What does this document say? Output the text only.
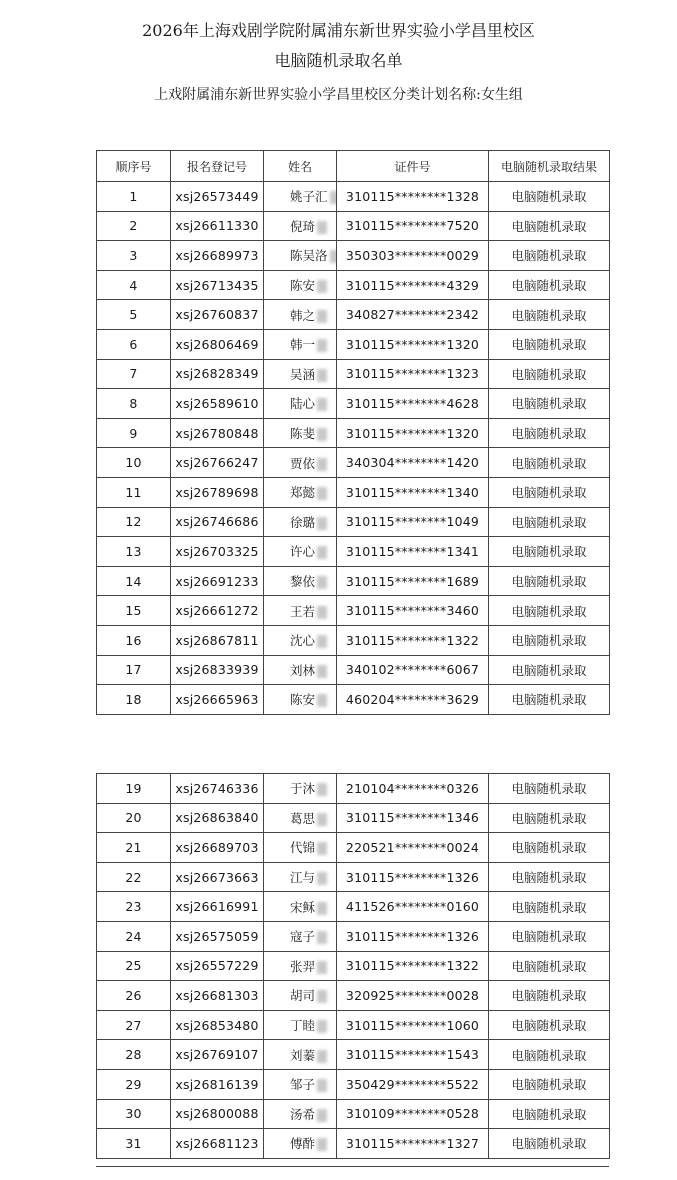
2026年上海戏剧学院附属浦东新世界实验小学昌里校区
电脑随机录取名单
上戏附属浦东新世界实验小学昌里校区分类计划名称:女生组
顺序号	报名登记号	姓名	证件号	电脑随机录取结果
1	xsj26573449	姚子汇	310115********1328	电脑随机录取
2	xsj26611330	倪琦	310115********7520	电脑随机录取
3	xsj26689973	陈吴洛	350303********0029	电脑随机录取
4	xsj26713435	陈安	310115********4329	电脑随机录取
5	xsj26760837	韩之	340827********2342	电脑随机录取
6	xsj26806469	韩一	310115********1320	电脑随机录取
7	xsj26828349	吴涵	310115********1323	电脑随机录取
8	xsj26589610	陆心	310115********4628	电脑随机录取
9	xsj26780848	陈斐	310115********1320	电脑随机录取
10	xsj26766247	贾依	340304********1420	电脑随机录取
11	xsj26789698	郑懿	310115********1340	电脑随机录取
12	xsj26746686	徐璐	310115********1049	电脑随机录取
13	xsj26703325	许心	310115********1341	电脑随机录取
14	xsj26691233	黎依	310115********1689	电脑随机录取
15	xsj26661272	王若	310115********3460	电脑随机录取
16	xsj26867811	沈心	310115********1322	电脑随机录取
17	xsj26833939	刘林	340102********6067	电脑随机录取
18	xsj26665963	陈安	460204********3629	电脑随机录取
19	xsj26746336	于沐	210104********0326	电脑随机录取
20	xsj26863840	葛思	310115********1346	电脑随机录取
21	xsj26689703	代锦	220521********0024	电脑随机录取
22	xsj26673663	江与	310115********1326	电脑随机录取
23	xsj26616991	宋稣	411526********0160	电脑随机录取
24	xsj26575059	寇子	310115********1326	电脑随机录取
25	xsj26557229	张羿	310115********1322	电脑随机录取
26	xsj26681303	胡司	320925********0028	电脑随机录取
27	xsj26853480	丁睦	310115********1060	电脑随机录取
28	xsj26769107	刘蓁	310115********1543	电脑随机录取
29	xsj26816139	邹子	350429********5522	电脑随机录取
30	xsj26800088	汤希	310109********0528	电脑随机录取
31	xsj26681123	傅酢	310115********1327	电脑随机录取
